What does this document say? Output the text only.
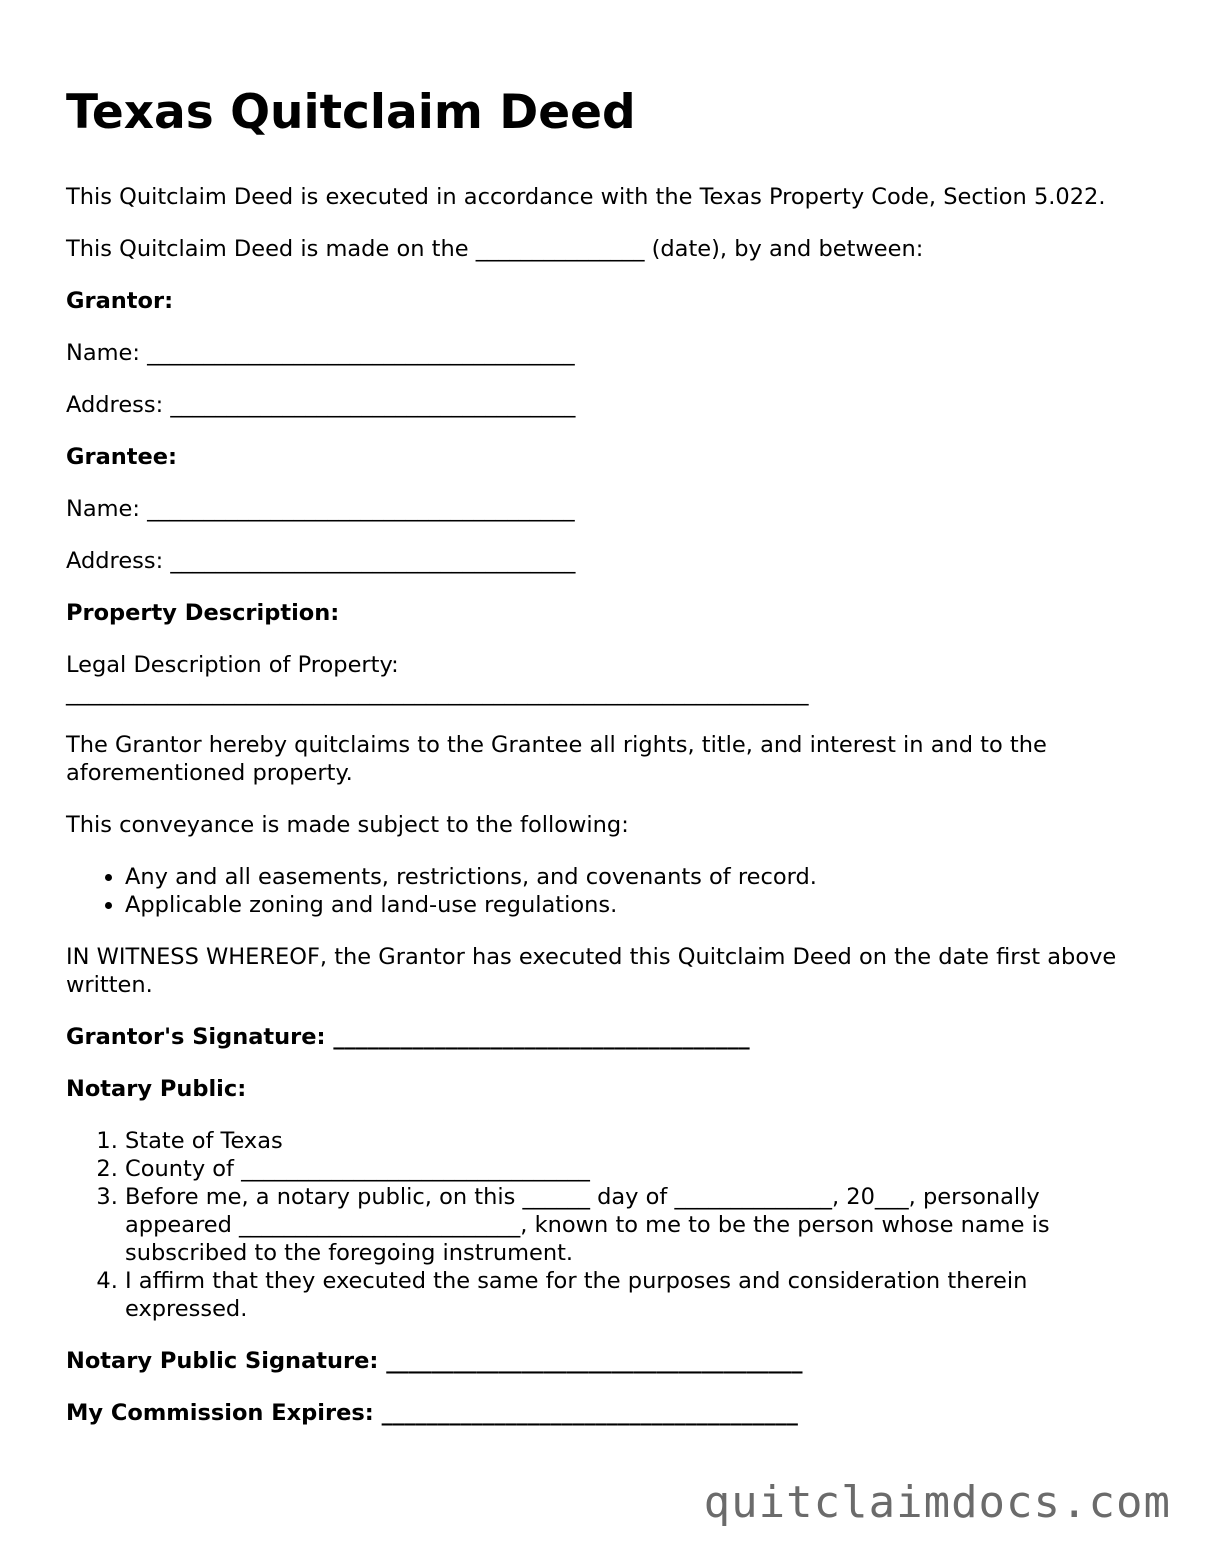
Texas Quitclaim Deed

This Quitclaim Deed is executed in accordance with the Texas Property Code, Section 5.022.

This Quitclaim Deed is made on the _______________ (date), by and between:

Grantor:

Name: ______________________________________

Address: ____________________________________

Grantee:

Name: ______________________________________

Address: ____________________________________

Property Description:

Legal Description of Property:
__________________________________________________________________

The Grantor hereby quitclaims to the Grantee all rights, title, and interest in and to the aforementioned property.

This conveyance is made subject to the following:

• Any and all easements, restrictions, and covenants of record.
• Applicable zoning and land-use regulations.

IN WITNESS WHEREOF, the Grantor has executed this Quitclaim Deed on the date first above written.

Grantor's Signature: _____________________________________

Notary Public:

1. State of Texas
2. County of _______________________________
3. Before me, a notary public, on this ______ day of ______________, 20___, personally appeared _________________________, known to me to be the person whose name is subscribed to the foregoing instrument.
4. I affirm that they executed the same for the purposes and consideration therein expressed.

Notary Public Signature: _____________________________________

My Commission Expires: _____________________________________

quitclaimdocs.com
